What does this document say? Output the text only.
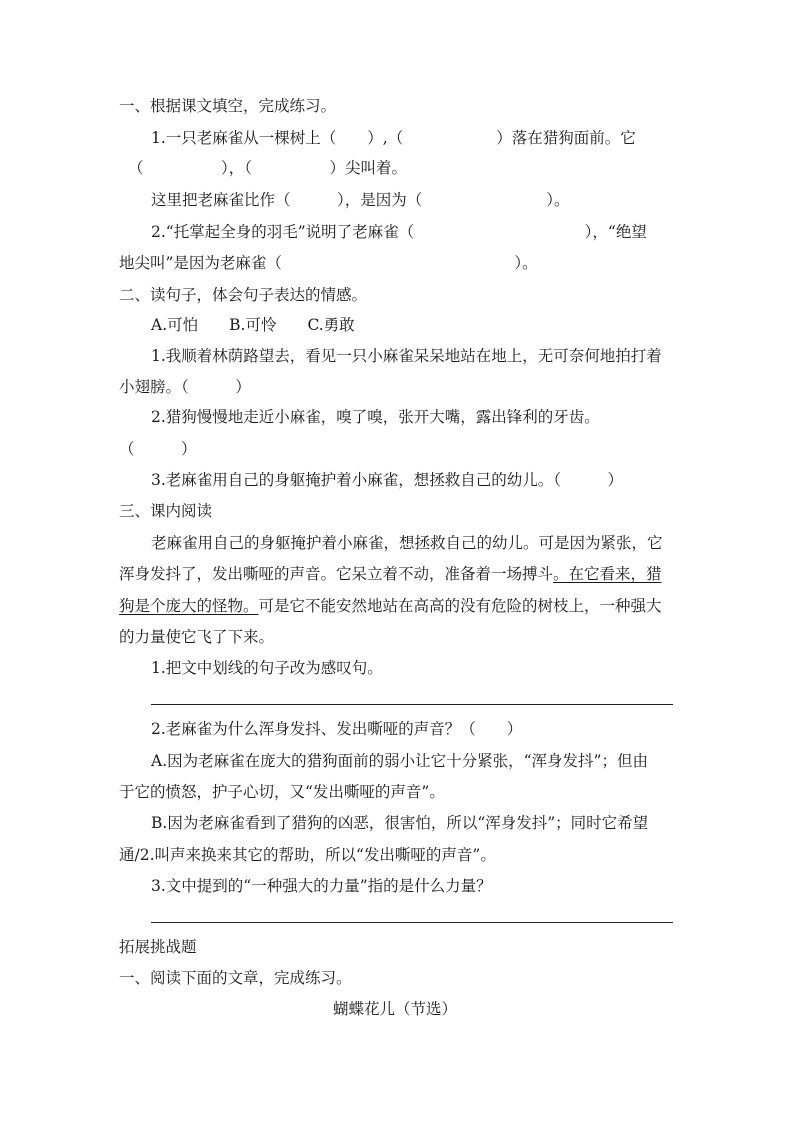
一、根据课文填空，完成练习。
1.一只老麻雀从一棵树上（　　）,（　　　　　　）落在猎狗面前。它
（　　　　　），（　　　　　）尖叫着。
这里把老麻雀比作（　　　），是因为（　　　　　　　　）。
2.“托掌起全身的羽毛”说明了老麻雀（　　　　　　　　　　　），“绝望
地尖叫”是因为老麻雀（　　　　　　　　　　　　　　　）。
二、读句子，体会句子表达的情感。
A.可怕　　B.可怜　　C.勇敢
1.我顺着林荫路望去，看见一只小麻雀呆呆地站在地上，无可奈何地拍打着
小翅膀。（　　　）
2.猎狗慢慢地走近小麻雀，嗅了嗅，张开大嘴，露出锋利的牙齿。
（　　　）
3.老麻雀用自己的身躯掩护着小麻雀，想拯救自己的幼儿。（　　　）
三、课内阅读
老麻雀用自己的身躯掩护着小麻雀，想拯救自己的幼儿。可是因为紧张，它
浑身发抖了，发出嘶哑的声音。它呆立着不动，准备着一场搏斗。在它看来，猎
狗是个庞大的怪物。可是它不能安然地站在高高的没有危险的树枝上，一种强大
的力量使它飞了下来。
1.把文中划线的句子改为感叹句。
2.老麻雀为什么浑身发抖、发出嘶哑的声音？（　　）
A.因为老麻雀在庞大的猎狗面前的弱小让它十分紧张，“浑身发抖”；但由
于它的愤怒，护子心切，又“发出嘶哑的声音”。
B.因为老麻雀看到了猎狗的凶恶，很害怕，所以“浑身发抖”；同时它希望
通/2.叫声来换来其它的帮助，所以“发出嘶哑的声音”。
3.文中提到的“一种强大的力量”指的是什么力量？
拓展挑战题
一、阅读下面的文章，完成练习。
蝴蝶花儿（节选）
